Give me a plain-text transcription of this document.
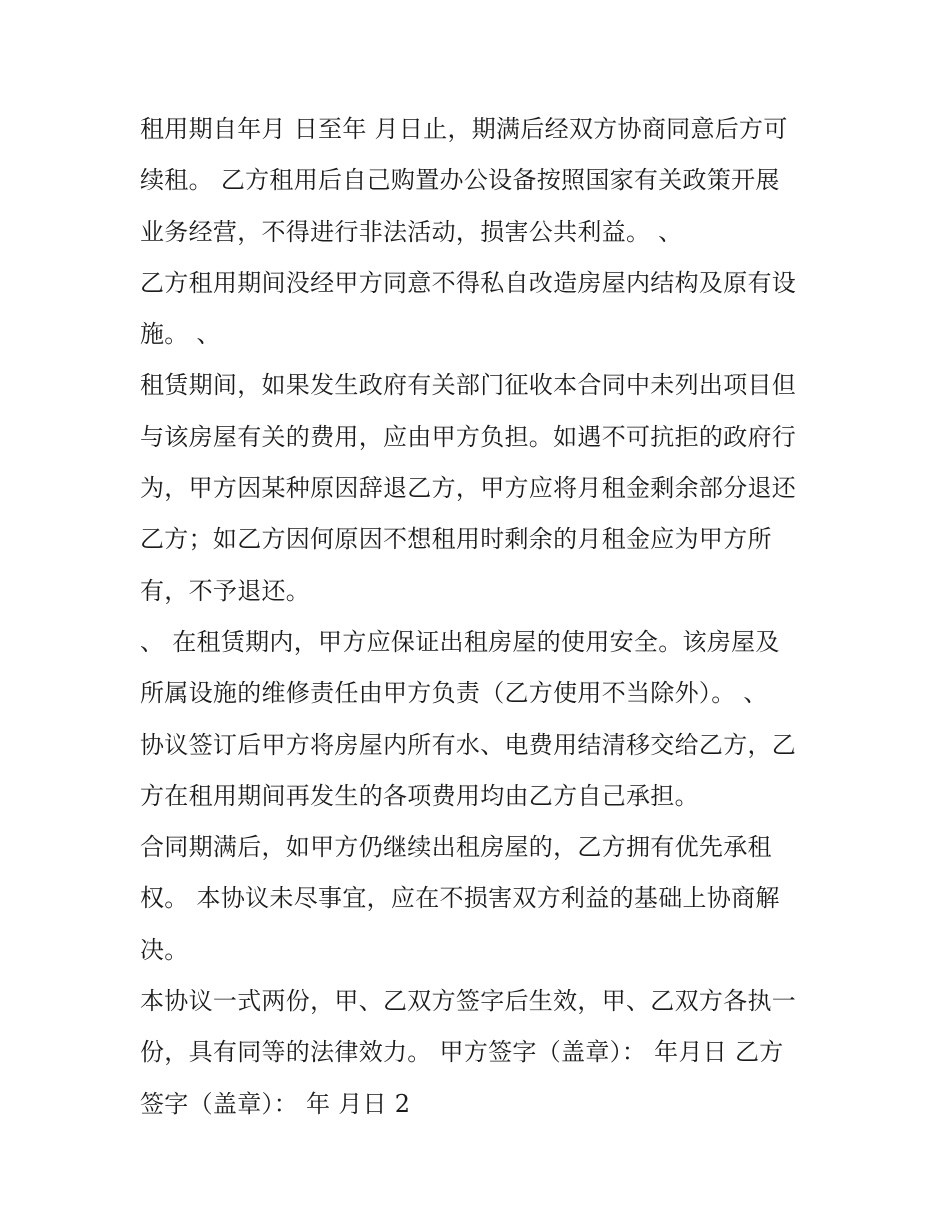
租用期自年月 日至年 月日止，期满后经双方协商同意后方可
续租。 乙方租用后自己购置办公设备按照国家有关政策开展
业务经营，不得进行非法活动，损害公共利益。 、
乙方租用期间没经甲方同意不得私自改造房屋内结构及原有设
施。 、
租赁期间，如果发生政府有关部门征收本合同中未列出项目但
与该房屋有关的费用，应由甲方负担。如遇不可抗拒的政府行
为，甲方因某种原因辞退乙方，甲方应将月租金剩余部分退还
乙方；如乙方因何原因不想租用时剩余的月租金应为甲方所
有，不予退还。
、 在租赁期内，甲方应保证出租房屋的使用安全。该房屋及
所属设施的维修责任由甲方负责（乙方使用不当除外）。 、
协议签订后甲方将房屋内所有水、电费用结清移交给乙方，乙
方在租用期间再发生的各项费用均由乙方自己承担。
合同期满后，如甲方仍继续出租房屋的，乙方拥有优先承租
权。 本协议未尽事宜，应在不损害双方利益的基础上协商解
决。
本协议一式两份，甲、乙双方签字后生效，甲、乙双方各执一
份，具有同等的法律效力。 甲方签字（盖章）： 年月日 乙方
签字（盖章）： 年 月日 2
